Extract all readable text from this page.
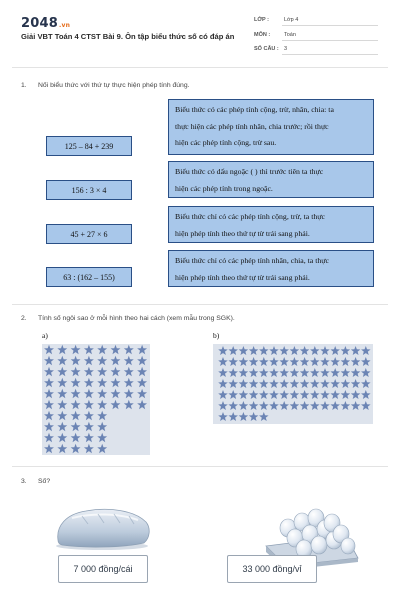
2048.vn
Giải VBT Toán 4 CTST Bài 9. Ôn tập biểu thức số có đáp án
LỚP :	Lớp 4
MÔN :	Toán
SỐ CÂU : 3
1. Nối biểu thức với thứ tự thực hiện phép tính đúng.
125 – 84 + 239
156 : 3 × 4
45 + 27 × 6
63 : (162 – 155)
Biểu thức có các phép tính cộng, trừ, nhân, chia: ta
thực hiện các phép tính nhân, chia trước; rồi thực
hiện các phép tính cộng, trừ sau.
Biểu thức có dấu ngoặc ( ) thì trước tiên ta thực
hiện các phép tính trong ngoặc.
Biểu thức chỉ có các phép tính cộng, trừ, ta thực
hiện phép tính theo thứ tự từ trái sang phải.
Biểu thức chỉ có các phép tính nhân, chia, ta thực
hiện phép tính theo thứ tự từ trái sang phải.
2. Tính số ngôi sao ở mỗi hình theo hai cách (xem mẫu trong SGK).
a)	b)
3. Số?
7 000 đồng/cái	33 000 đồng/vỉ
